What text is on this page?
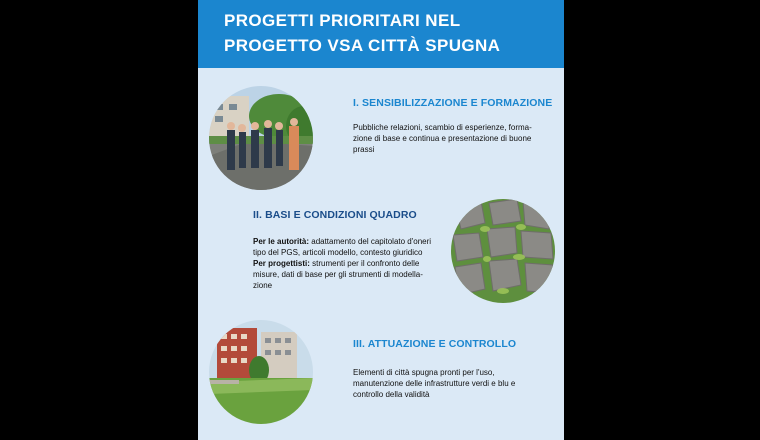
PROGETTI PRIORITARI NEL
PROGETTO VSA CITTÀ SPUGNA
I. SENSIBILIZZAZIONE E FORMAZIONE
Pubbliche relazioni, scambio di esperienze, forma-
zione di base e continua e presentazione di buone
prassi
II. BASI E CONDIZIONI QUADRO
Per le autorità: adattamento del capitolato d'oneri
tipo del PGS, articoli modello, contesto giuridico
Per progettisti: strumenti per il confronto delle
misure, dati di base per gli strumenti di modella-
zione
III. ATTUAZIONE E CONTROLLO
Elementi di città spugna pronti per l'uso,
manutenzione delle infrastrutture verdi e blu e
controllo della validità
